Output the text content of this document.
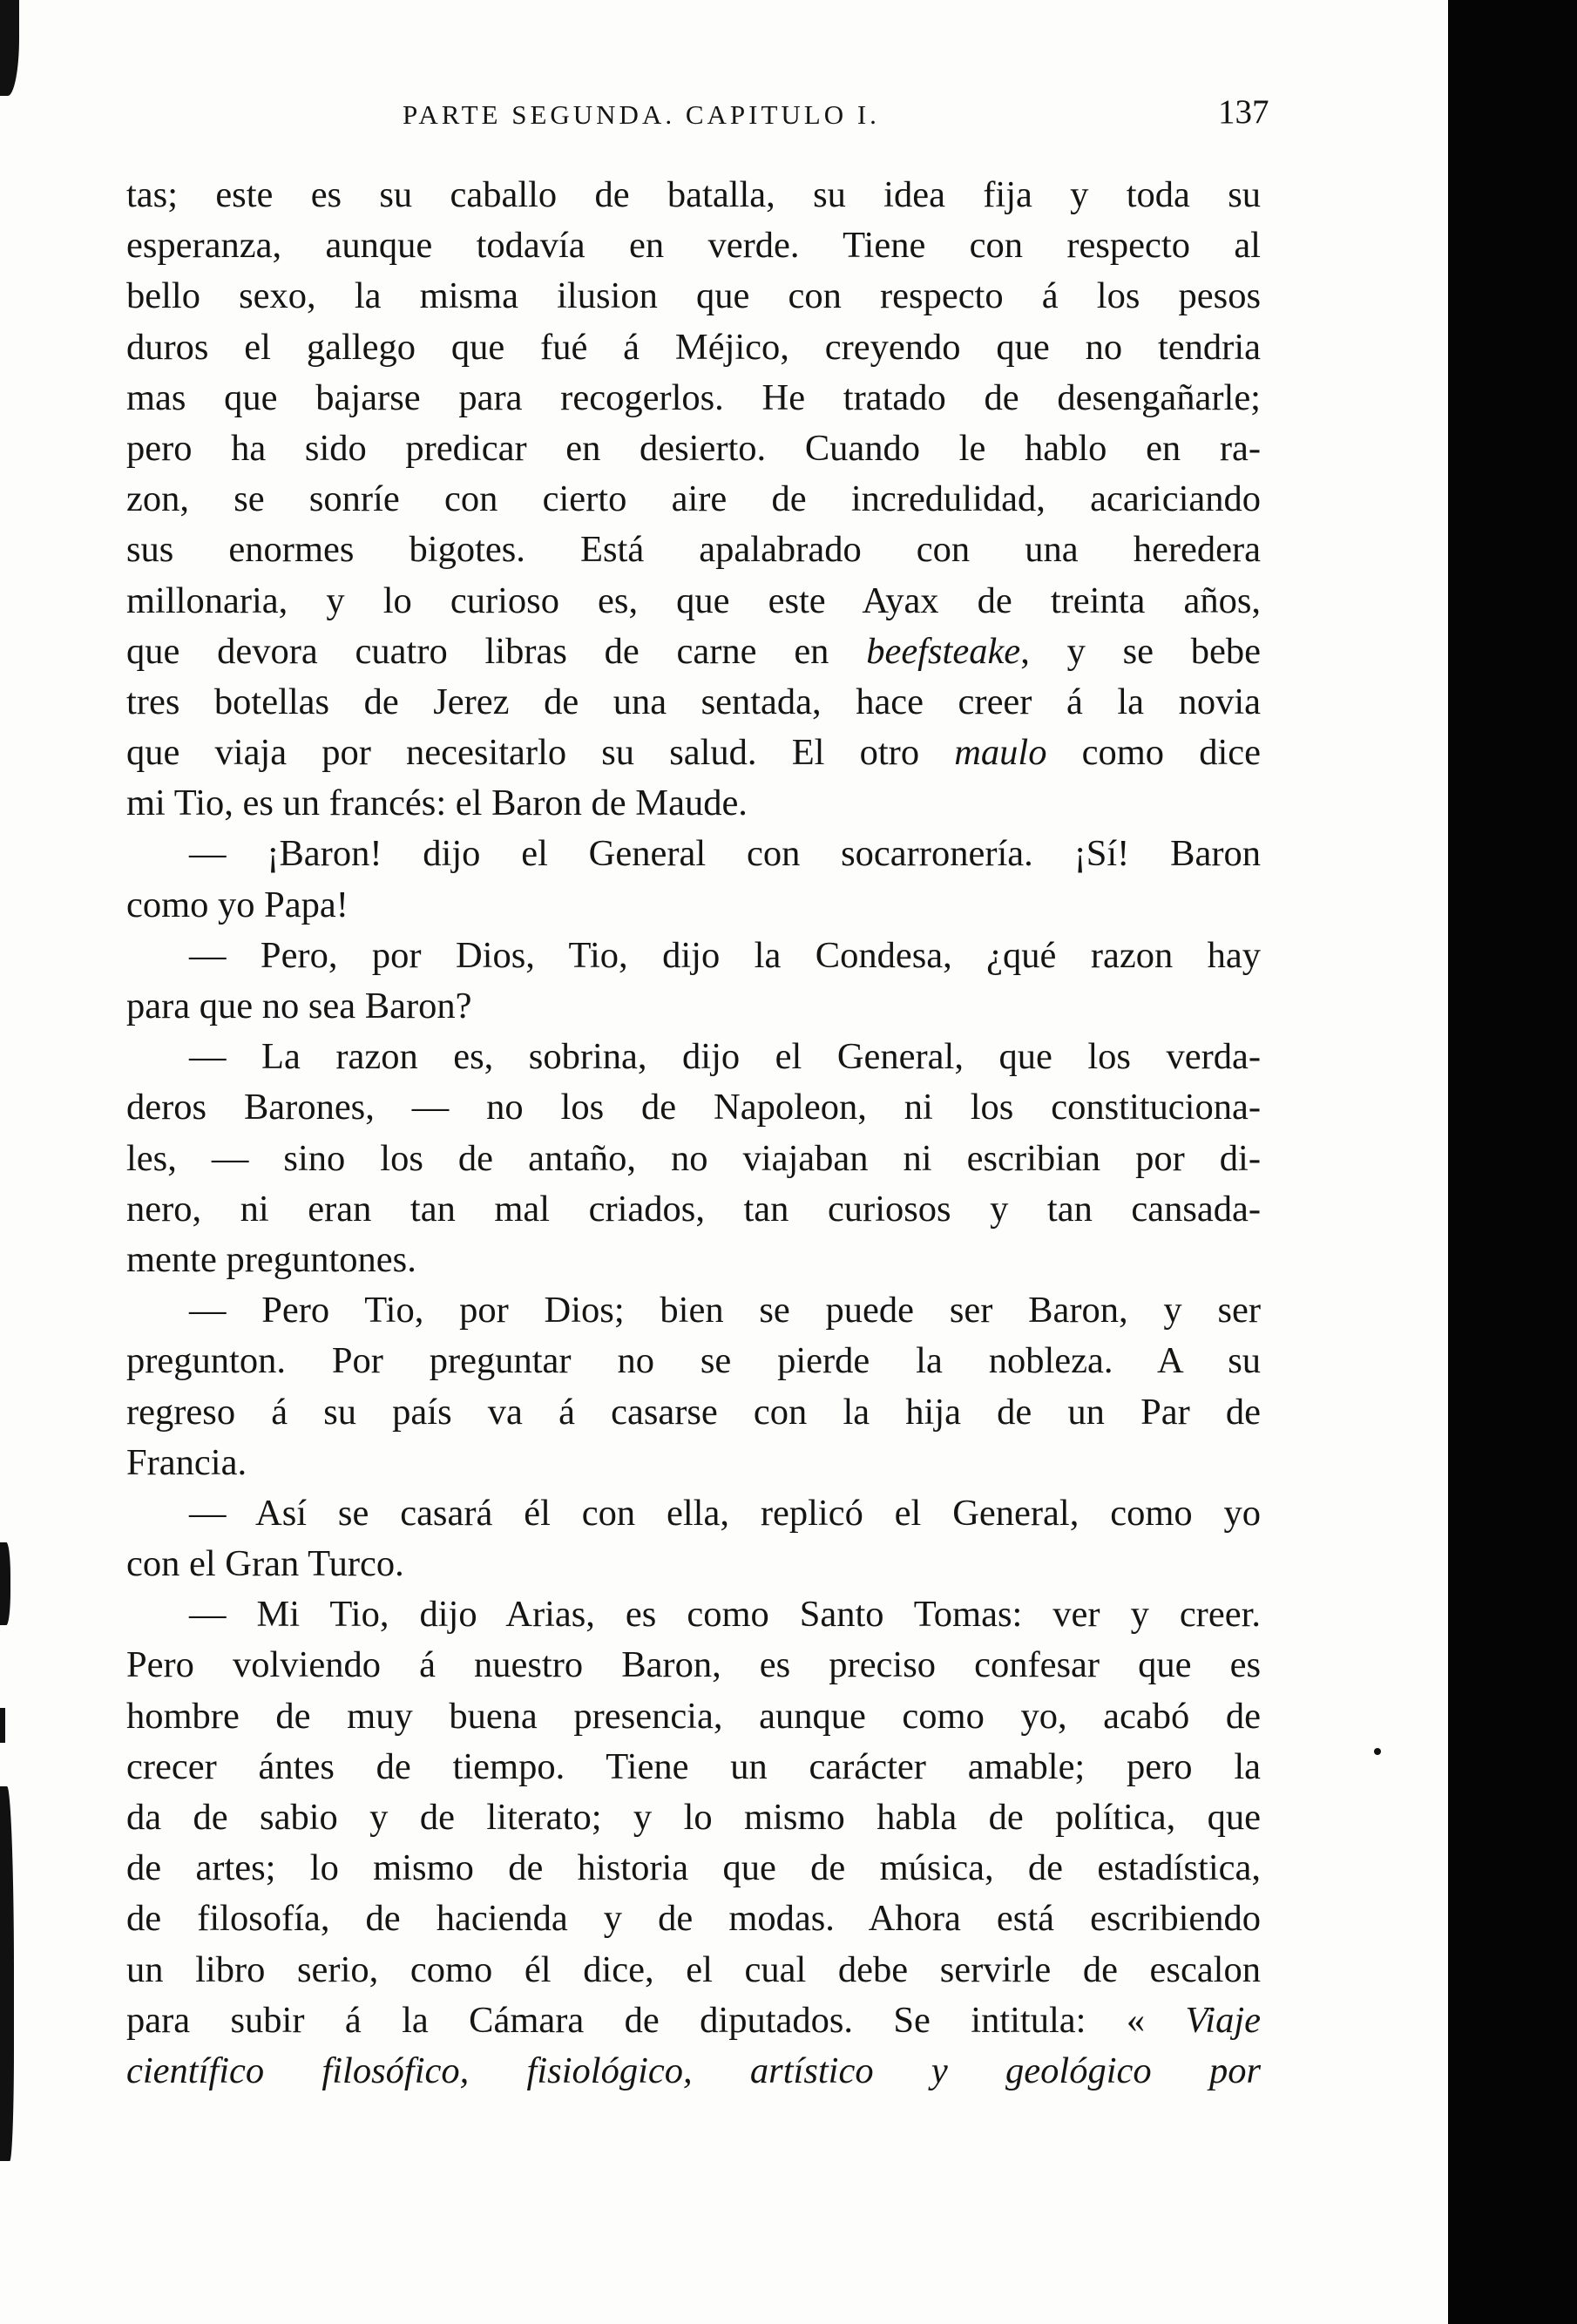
PARTE SEGUNDA. CAPITULO I.	137
tas; este es su caballo de batalla, su idea fija y toda su
esperanza, aunque todavía en verde. Tiene con respecto al
bello sexo, la misma ilusion que con respecto á los pesos
duros el gallego que fué á Méjico, creyendo que no tendria
mas que bajarse para recogerlos. He tratado de desengañarle;
pero ha sido predicar en desierto. Cuando le hablo en ra-
zon, se sonríe con cierto aire de incredulidad, acariciando
sus enormes bigotes. Está apalabrado con una heredera
millonaria, y lo curioso es, que este Ayax de treinta años,
que devora cuatro libras de carne en beefsteake, y se bebe
tres botellas de Jerez de una sentada, hace creer á la novia
que viaja por necesitarlo su salud. El otro maulo como dice
mi Tio, es un francés: el Baron de Maude.
— ¡Baron! dijo el General con socarronería. ¡Sí! Baron
como yo Papa!
— Pero, por Dios, Tio, dijo la Condesa, ¿qué razon hay
para que no sea Baron?
— La razon es, sobrina, dijo el General, que los verda-
deros Barones, — no los de Napoleon, ni los constituciona-
les, — sino los de antaño, no viajaban ni escribian por di-
nero, ni eran tan mal criados, tan curiosos y tan cansada-
mente preguntones.
— Pero Tio, por Dios; bien se puede ser Baron, y ser
pregunton. Por preguntar no se pierde la nobleza. A su
regreso á su país va á casarse con la hija de un Par de
Francia.
— Así se casará él con ella, replicó el General, como yo
con el Gran Turco.
— Mi Tio, dijo Arias, es como Santo Tomas: ver y creer.
Pero volviendo á nuestro Baron, es preciso confesar que es
hombre de muy buena presencia, aunque como yo, acabó de
crecer ántes de tiempo. Tiene un carácter amable; pero la
da de sabio y de literato; y lo mismo habla de política, que
de artes; lo mismo de historia que de música, de estadística,
de filosofía, de hacienda y de modas. Ahora está escribiendo
un libro serio, como él dice, el cual debe servirle de escalon
para subir á la Cámara de diputados. Se intitula: « Viaje
científico filosófico, fisiológico, artístico y geológico por
